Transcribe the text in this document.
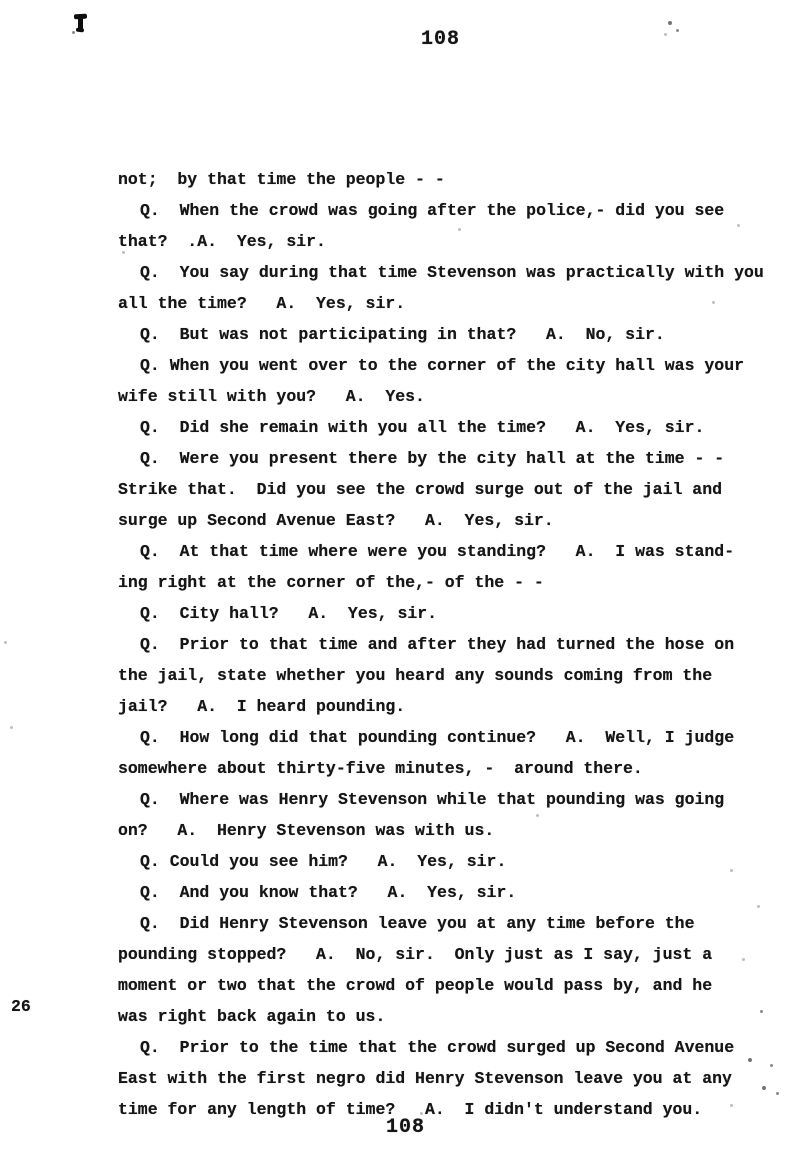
108
not;  by that time the people - -
Q.  When the crowd was going after the police,- did you see
that?  .A.  Yes, sir.
Q.  You say during that time Stevenson was practically with you
all the time?   A.  Yes, sir.
Q.  But was not participating in that?   A.  No, sir.
Q. When you went over to the corner of the city hall was your
wife still with you?   A.  Yes.
Q.  Did she remain with you all the time?   A.  Yes, sir.
Q.  Were you present there by the city hall at the time - -
Strike that.  Did you see the crowd surge out of the jail and
surge up Second Avenue East?   A.  Yes, sir.
Q.  At that time where were you standing?   A.  I was stand-
ing right at the corner of the,- of the - -
Q.  City hall?   A.  Yes, sir.
Q.  Prior to that time and after they had turned the hose on
the jail, state whether you heard any sounds coming from the
jail?   A.  I heard pounding.
Q.  How long did that pounding continue?   A.  Well, I judge
somewhere about thirty-five minutes, -  around there.
Q.  Where was Henry Stevenson while that pounding was going
on?   A.  Henry Stevenson was with us.
Q. Could you see him?   A.  Yes, sir.
Q.  And you know that?   A.  Yes, sir.
Q.  Did Henry Stevenson leave you at any time before the
pounding stopped?   A.  No, sir.  Only just as I say, just a
moment or two that the crowd of people would pass by, and he
was right back again to us.
Q.  Prior to the time that the crowd surged up Second Avenue
East with the first negro did Henry Stevenson leave you at any
time for any length of time?   A.  I didn't understand you.
26
108
